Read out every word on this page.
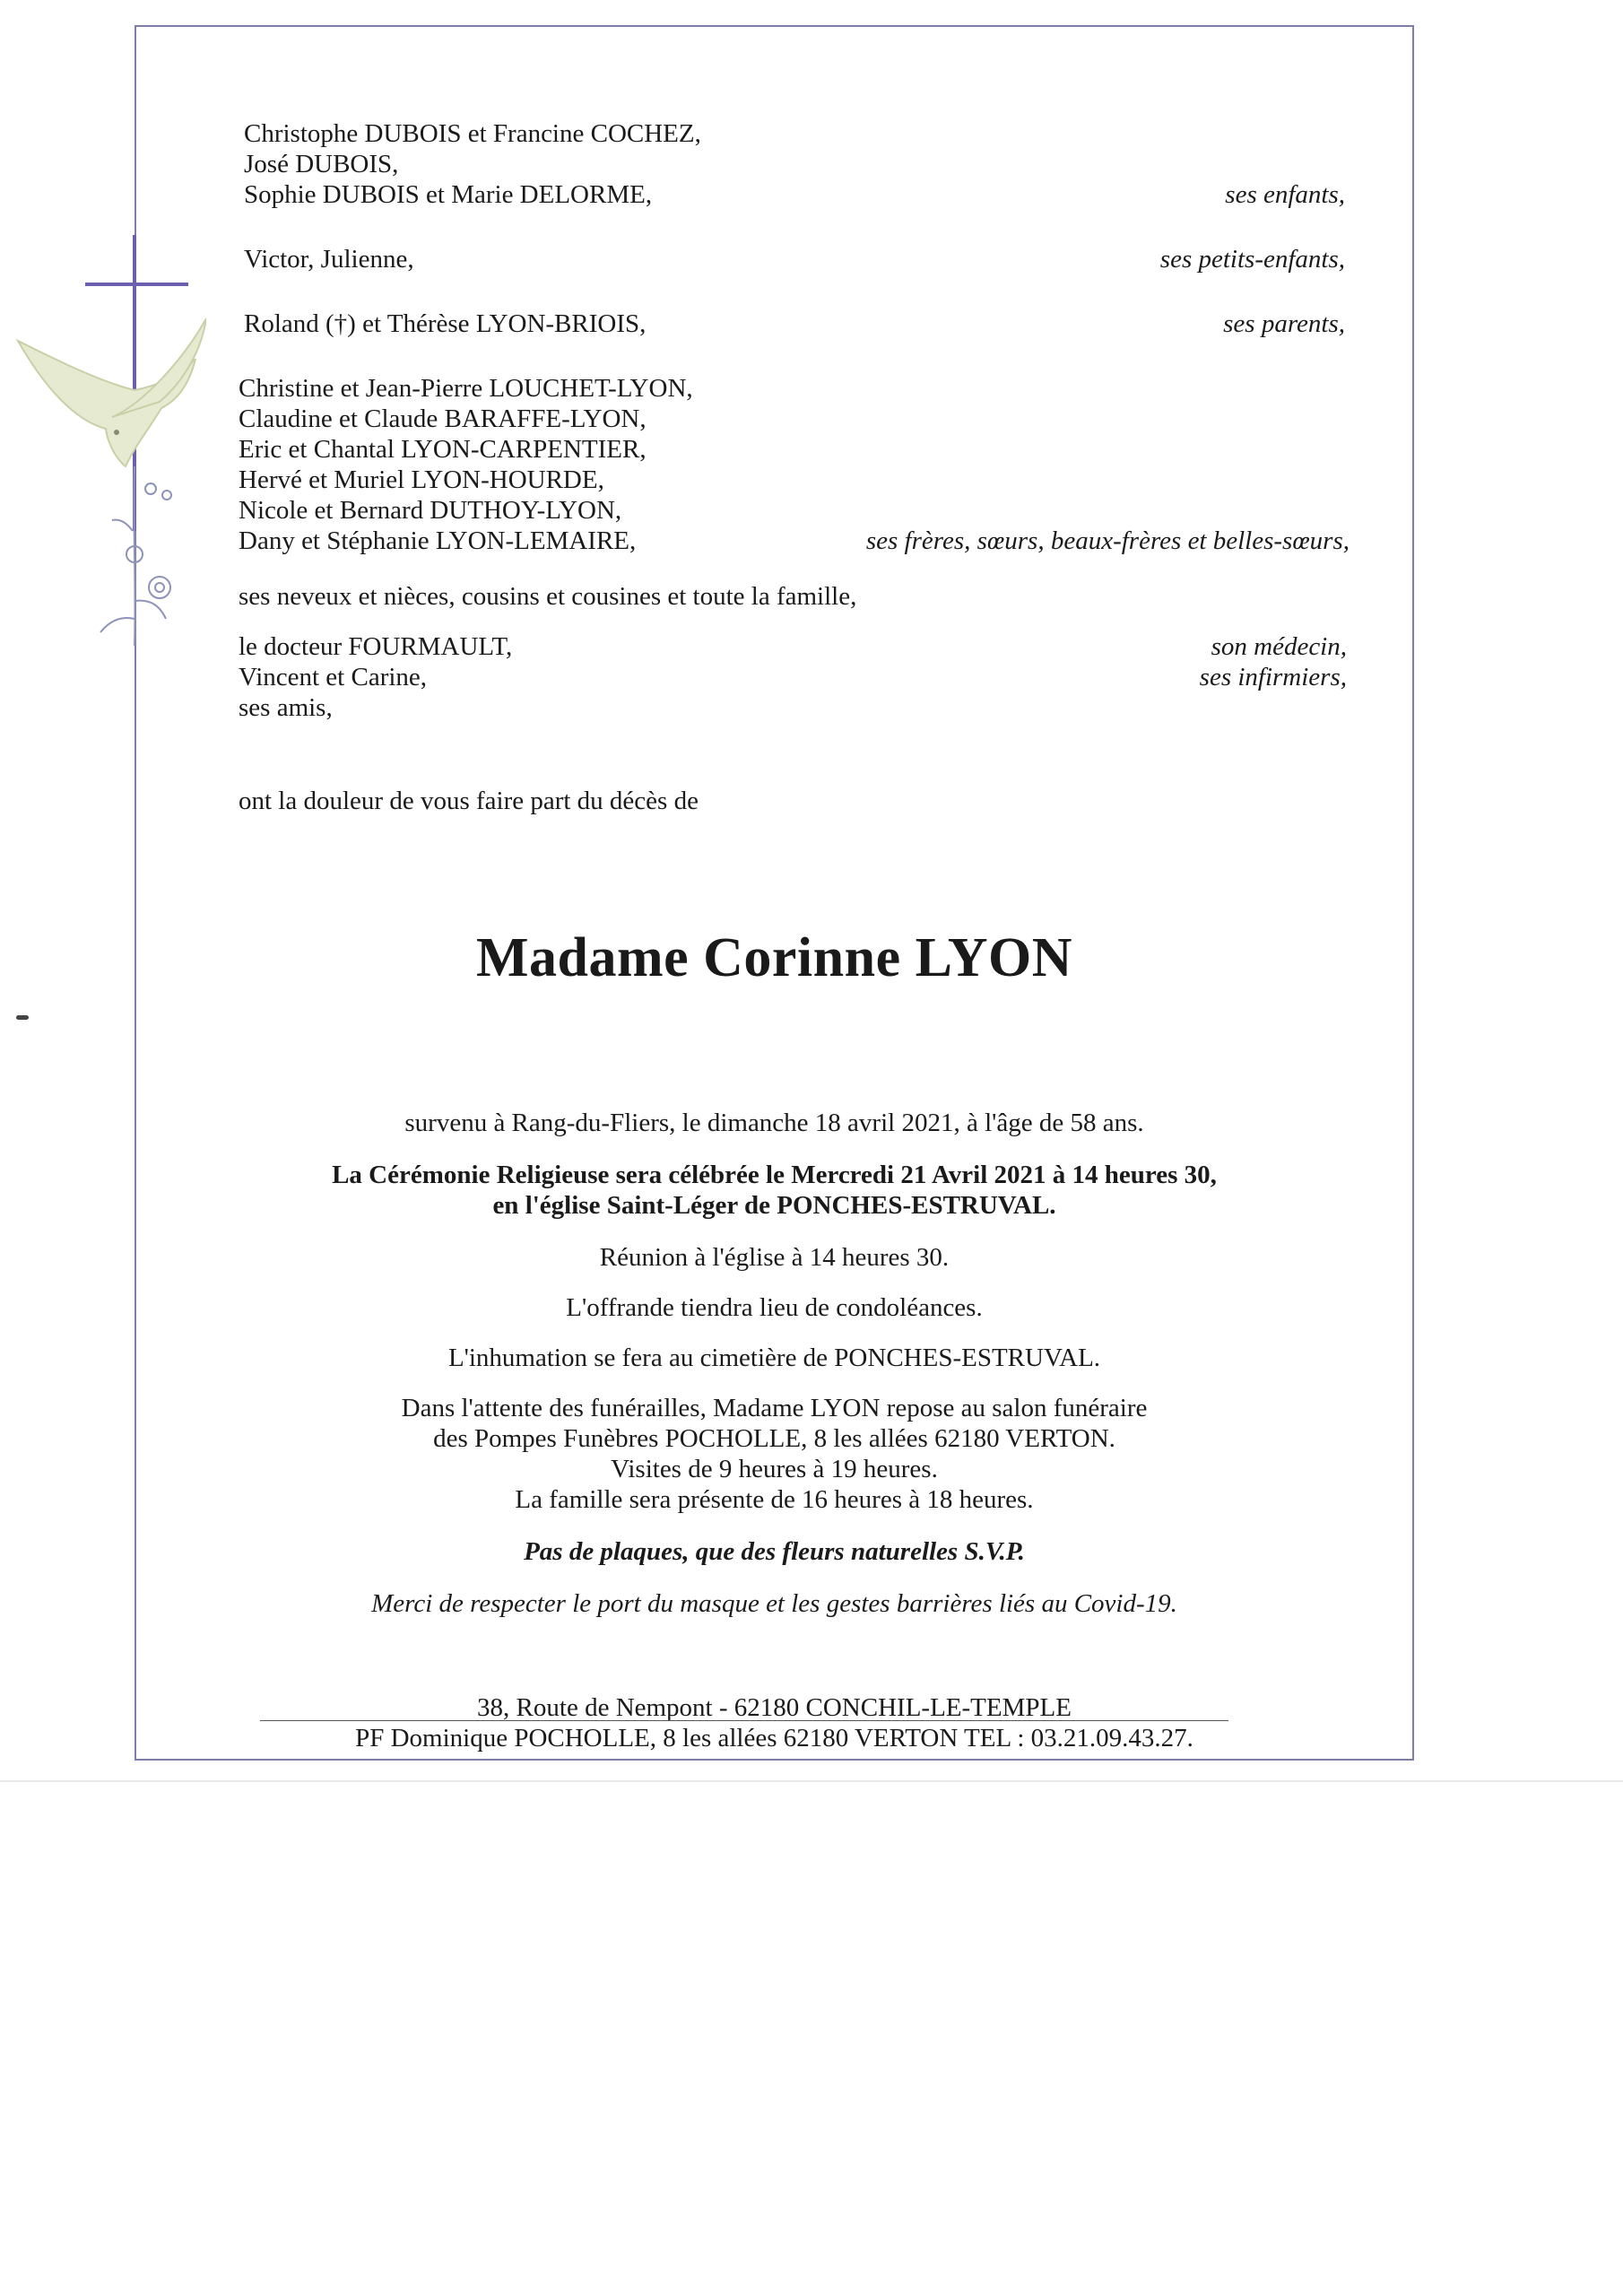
Christophe DUBOIS et Francine COCHEZ,
José DUBOIS,
Sophie DUBOIS et Marie DELORME,	ses enfants,
Victor, Julienne,	ses petits-enfants,
Roland (†) et Thérèse LYON-BRIOIS,	ses parents,
Christine et Jean-Pierre LOUCHET-LYON,
Claudine et Claude BARAFFE-LYON,
Eric et Chantal LYON-CARPENTIER,
Hervé et Muriel LYON-HOURDE,
Nicole et Bernard DUTHOY-LYON,
Dany et Stéphanie LYON-LEMAIRE,	ses frères, sœurs, beaux-frères et belles-sœurs,
ses neveux et nièces, cousins et cousines et toute la famille,
le docteur FOURMAULT,	son médecin,
Vincent et Carine,	ses infirmiers,
ses amis,
ont la douleur de vous faire part du décès de
Madame Corinne LYON
survenu à Rang-du-Fliers, le dimanche 18 avril 2021, à l'âge de 58 ans.
La Cérémonie Religieuse sera célébrée le Mercredi 21 Avril 2021 à 14 heures 30,
en l'église Saint-Léger de PONCHES-ESTRUVAL.
Réunion à l'église à 14 heures 30.
L'offrande tiendra lieu de condoléances.
L'inhumation se fera au cimetière de PONCHES-ESTRUVAL.
Dans l'attente des funérailles, Madame LYON repose au salon funéraire
des Pompes Funèbres POCHOLLE, 8 les allées 62180 VERTON.
Visites de 9 heures à 19 heures.
La famille sera présente de 16 heures à 18 heures.
Pas de plaques, que des fleurs naturelles S.V.P.
Merci de respecter le port du masque et les gestes barrières liés au Covid-19.
38, Route de Nempont - 62180 CONCHIL-LE-TEMPLE
PF Dominique POCHOLLE, 8 les allées 62180 VERTON TEL : 03.21.09.43.27.
